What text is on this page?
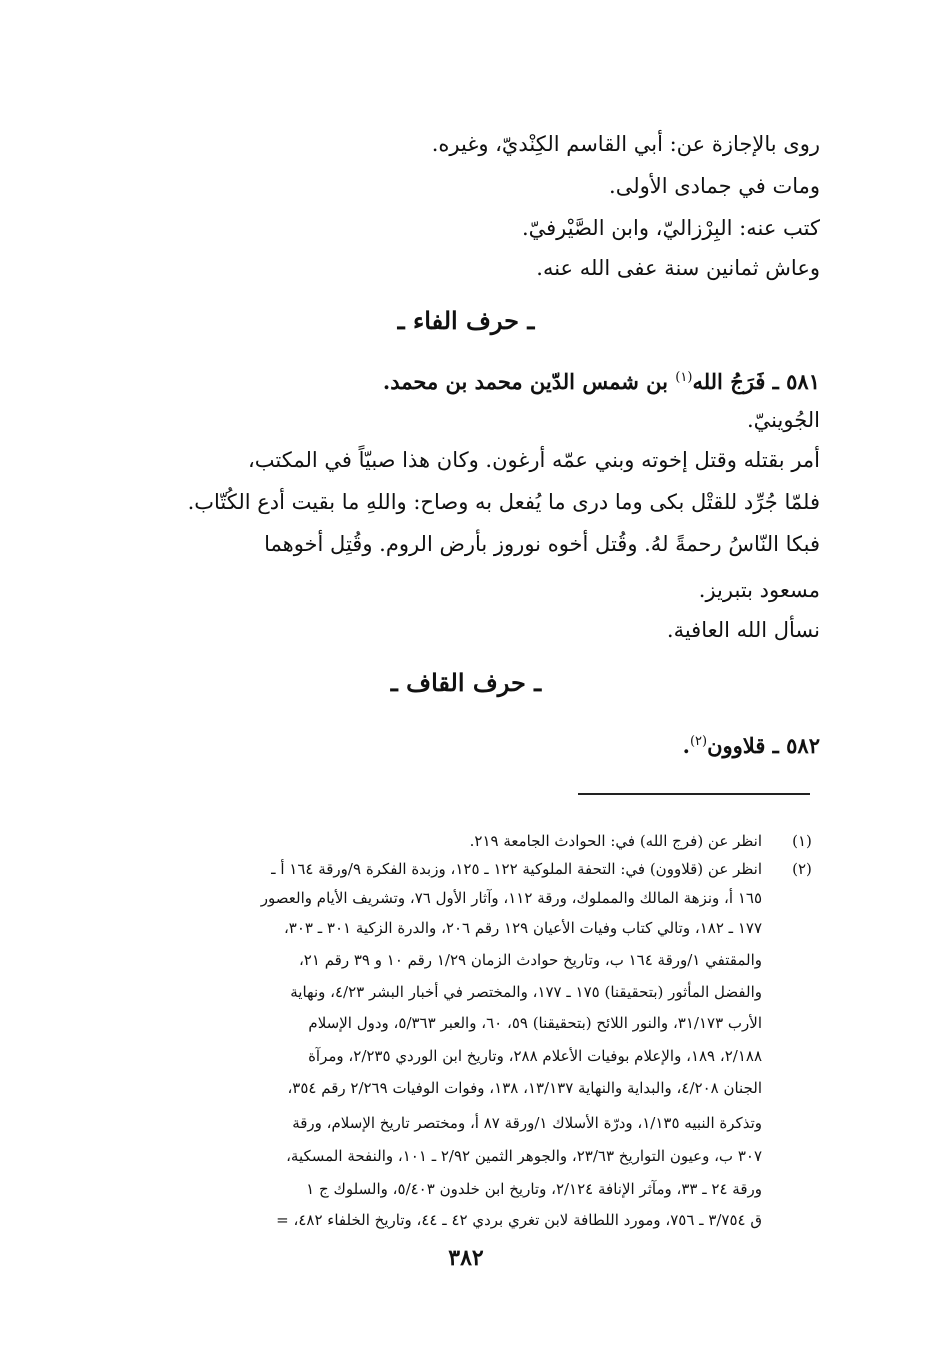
روى بالإجازة عن: أبي القاسم الكِنْديّ، وغيره.
ومات في جمادى الأولى.
كتب عنه: البِرْزاليّ، وابن الصَّيْرفيّ.
وعاش ثمانين سنة عفى الله عنه.
ـ حرف الفاء ـ
٥٨١ ـ فَرَجُ الله$^{(١)}$ بن شمس الدّين محمد بن محمد.
الجُوينيّ.
أمر بقتله وقتل إخوته وبني عمّه أرغون. وكان هذا صبيّاً في المكتب،
فلمّا جُرِّد للقتْل بكى وما درى ما يُفعل به وصاح: واللهِ ما بقيت أدع الكُتّاب.
فبكا النّاسُ رحمةً لهُ. وقُتل أخوه نوروز بأرض الروم. وقُتِل أخوهما
مسعود بتبريز.
نسأل الله العافية.
ـ حرف القاف ـ
٥٨٢ ـ قلاوون$^{(٢)}$.
(١)
انظر عن (فرج الله) في: الحوادث الجامعة ٢١٩.
(٢)
انظر عن (قلاوون) في: التحفة الملوكية ١٢٢ ـ ١٢٥، وزبدة الفكرة ٩/ورقة ١٦٤ أ ـ
١٦٥ أ، ونزهة المالك والمملوك، ورقة ١١٢، وآثار الأول ٧٦، وتشريف الأيام والعصور
١٧٧ ـ ١٨٢، وتالي كتاب وفيات الأعيان ١٢٩ رقم ٢٠٦، والدرة الزكية ٣٠١ ـ ٣٠٣،
والمقتفي ١/ورقة ١٦٤ ب، وتاريخ حوادث الزمان ١/٢٩ رقم ١٠ و ٣٩ رقم ٢١،
والفضل المأثور (بتحقيقنا) ١٧٥ ـ ١٧٧، والمختصر في أخبار البشر ٤/٢٣، ونهاية
الأرب ٣١/١٧٣، والنور اللائح (بتحقيقنا) ٥٩، ٦٠، والعبر ٥/٣٦٣، ودول الإسلام
٢/١٨٨، ١٨٩، والإعلام بوفيات الأعلام ٢٨٨، وتاريخ ابن الوردي ٢/٢٣٥، ومرآة
الجنان ٤/٢٠٨، والبداية والنهاية ١٣/١٣٧، ١٣٨، وفوات الوفيات ٢/٢٦٩ رقم ٣٥٤،
وتذكرة النبيه ١/١٣٥، ودرّة الأسلاك ١/ورقة ٨٧ أ، ومختصر تاريخ الإسلام، ورقة
٣٠٧ ب، وعيون التواريخ ٢٣/٦٣، والجوهر الثمين ٢/٩٢ ـ ١٠١، والنفحة المسكية،
ورقة ٢٤ ـ ٣٣، ومآثر الإنافة ٢/١٢٤، وتاريخ ابن خلدون ٥/٤٠٣، والسلوك ج ١
ق ٣/٧٥٤ ـ ٧٥٦، ومورد اللطافة لابن تغري بردي ٤٢ ـ ٤٤، وتاريخ الخلفاء ٤٨٢، =
٣٨٢
